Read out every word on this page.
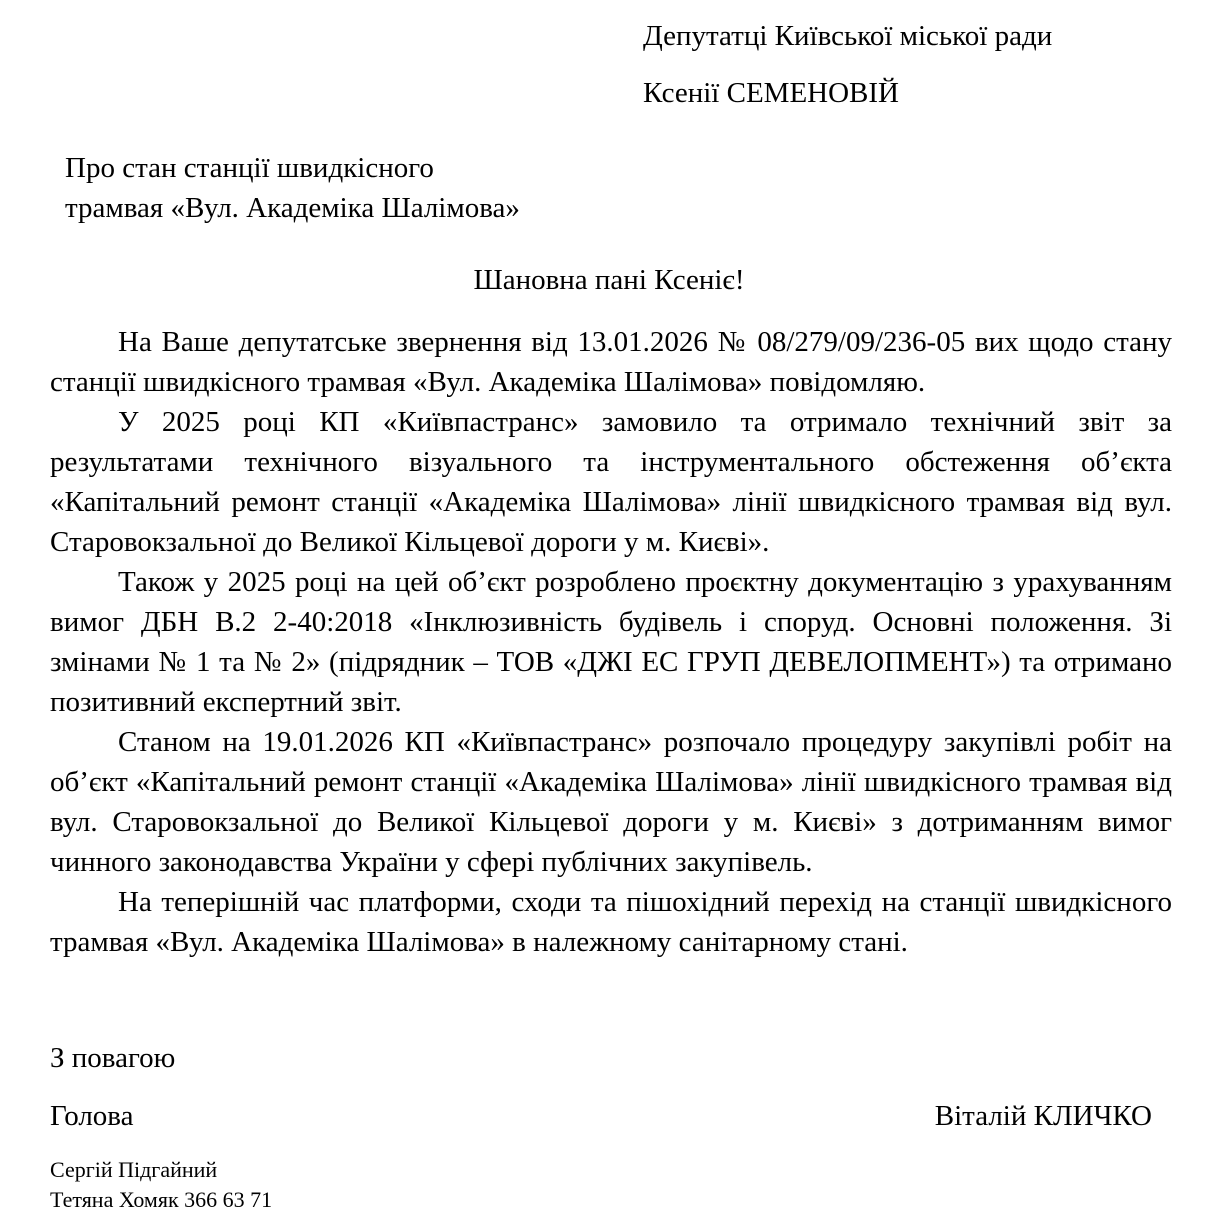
Депутатці Київської міської ради
Ксенії СЕМЕНОВІЙ
Про стан станції швидкісного
трамвая «Вул. Академіка Шалімова»
Шановна пані Ксеніє!

На Ваше депутатське звернення від 13.01.2026 № 08/279/09/236-05 вих щодо стану станції швидкісного трамвая «Вул. Академіка Шалімова» повідомляю.

У 2025 році КП «Київпастранс» замовило та отримало технічний звіт за результатами технічного візуального та інструментального обстеження об’єкта «Капітальний ремонт станції «Академіка Шалімова» лінії швидкісного трамвая від вул. Старовокзальної до Великої Кільцевої дороги у м. Києві».

Також у 2025 році на цей об’єкт розроблено проєктну документацію з урахуванням вимог ДБН В.2 2-40:2018 «Інклюзивність будівель і споруд. Основні положення. Зі змінами № 1 та № 2» (підрядник – ТОВ «ДЖІ ЕС ГРУП ДЕВЕЛОПМЕНТ») та отримано позитивний експертний звіт.

Станом на 19.01.2026 КП «Київпастранс» розпочало процедуру закупівлі робіт на об’єкт «Капітальний ремонт станції «Академіка Шалімова» лінії швидкісного трамвая від вул. Старовокзальної до Великої Кільцевої дороги у м. Києві» з дотриманням вимог чинного законодавства України у сфері публічних закупівель.

На теперішній час платформи, сходи та пішохідний перехід на станції швидкісного трамвая «Вул. Академіка Шалімова» в належному санітарному стані.

З повагою
Голова	Віталій КЛИЧКО
Сергій Підгайний
Тетяна Хомяк 366 63 71
